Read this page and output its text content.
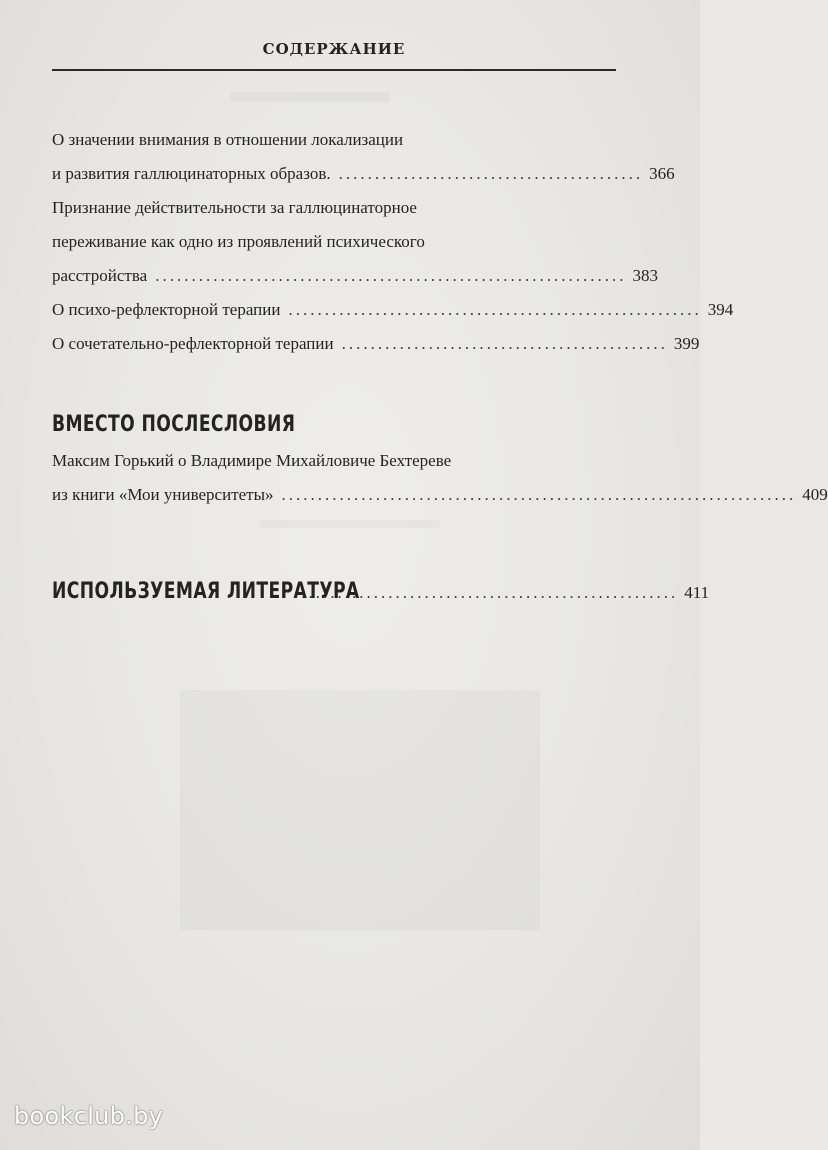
СОДЕРЖАНИЕ
О значении внимания в отношении локализации
и развития галлюцинаторных образов. .......................................... 366
Признание действительности за галлюцинаторное
переживание как одно из проявлений психического
расстройства ................................................................. 383
О психо-рефлекторной терапии ......................................................... 394
О сочетательно-рефлекторной терапии ............................................. 399
ВМЕСТО ПОСЛЕСЛОВИЯ
Максим Горький о Владимире Михайловиче Бехтереве
из книги «Мои университеты» ....................................................................... 409
ИСПОЛЬЗУЕМАЯ ЛИТЕРАТУРА
..................................................... 411
bookclub.by
